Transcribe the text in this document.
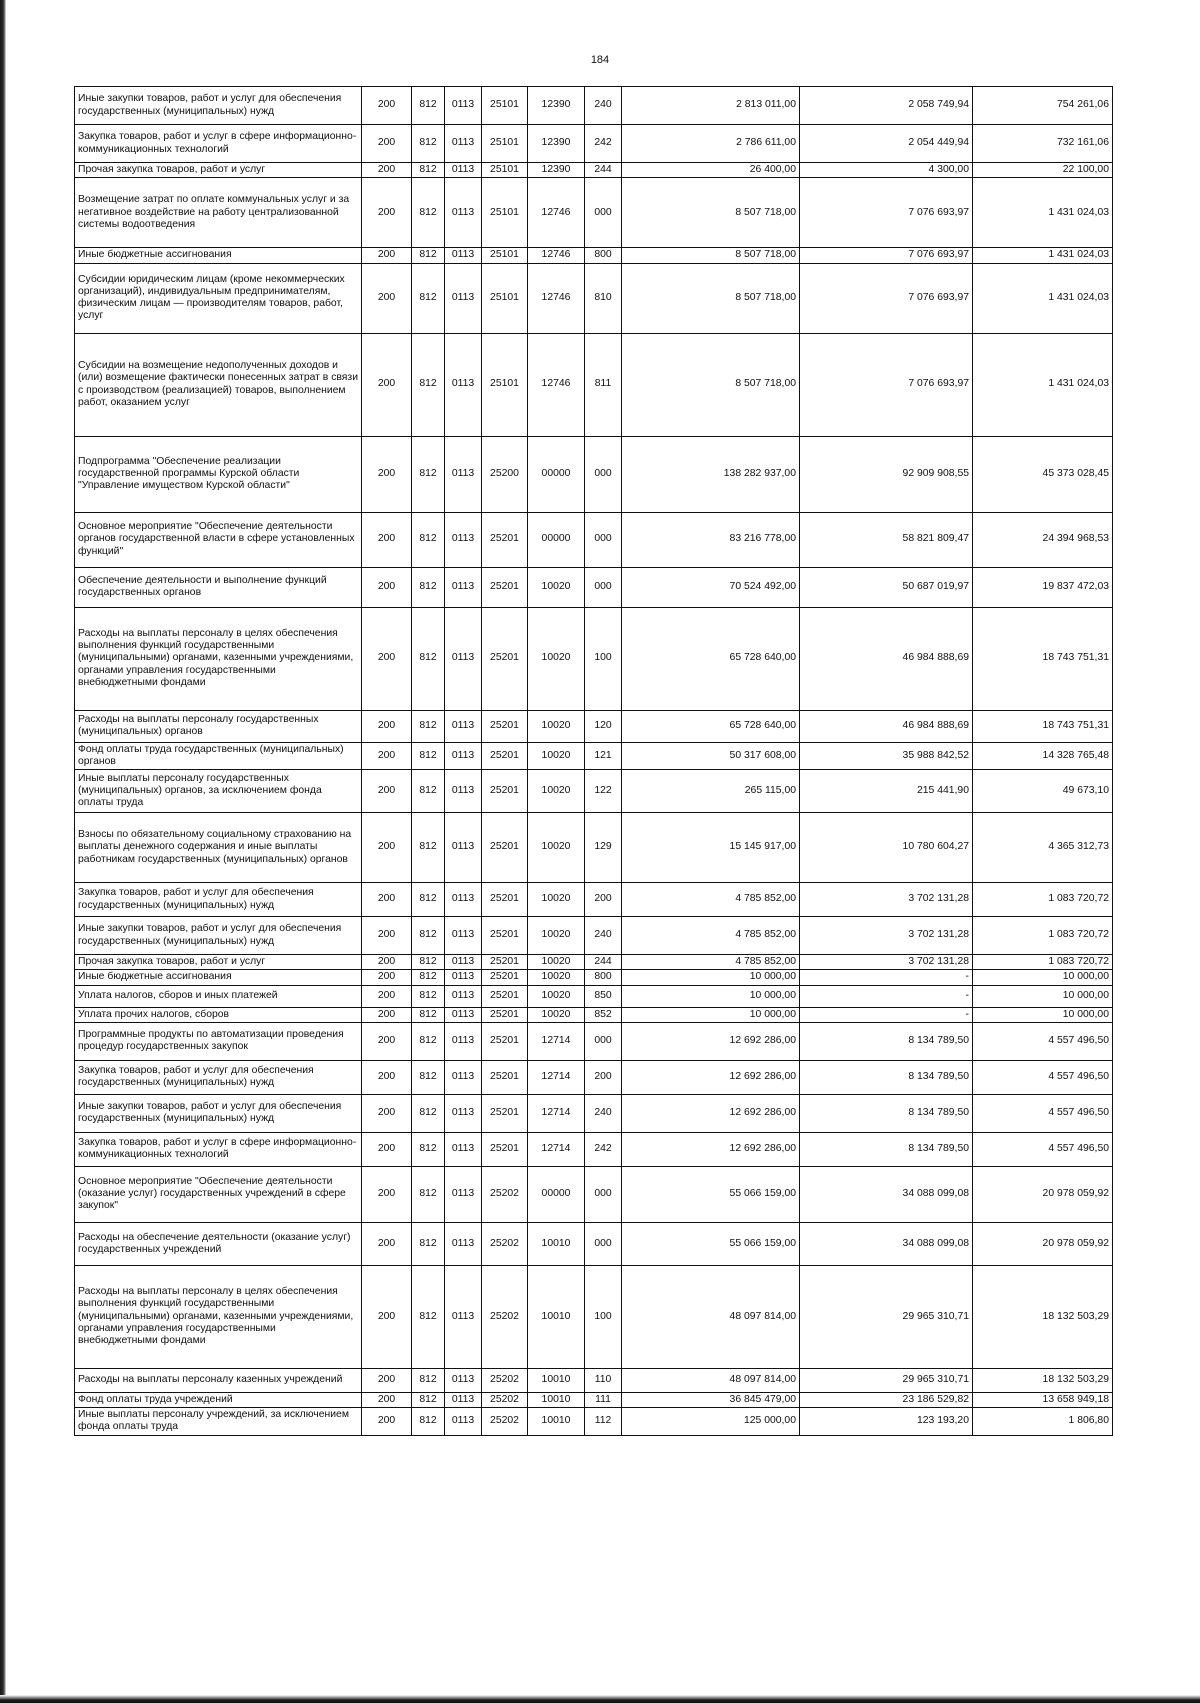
184
Иные закупки товаров, работ и услуг для обеспечения государственных (муниципальных) нужд	200	812	0113	25101	12390	240	2 813 011,00	2 058 749,94	754 261,06
Закупка товаров, работ и услуг в сфере информационно-коммуникационных технологий	200	812	0113	25101	12390	242	2 786 611,00	2 054 449,94	732 161,06
Прочая закупка товаров, работ и услуг	200	812	0113	25101	12390	244	26 400,00	4 300,00	22 100,00
Возмещение затрат по оплате коммунальных услуг и за негативное воздействие на работу централизованной системы водоотведения	200	812	0113	25101	12746	000	8 507 718,00	7 076 693,97	1 431 024,03
Иные бюджетные ассигнования	200	812	0113	25101	12746	800	8 507 718,00	7 076 693,97	1 431 024,03
Субсидии юридическим лицам (кроме некоммерческих организаций), индивидуальным предпринимателям, физическим лицам — производителям товаров, работ, услуг	200	812	0113	25101	12746	810	8 507 718,00	7 076 693,97	1 431 024,03
Субсидии на возмещение недополученных доходов и (или) возмещение фактически понесенных затрат в связи с производством (реализацией) товаров, выполнением работ, оказанием услуг	200	812	0113	25101	12746	811	8 507 718,00	7 076 693,97	1 431 024,03
Подпрограмма "Обеспечение реализации государственной программы Курской области "Управление имуществом Курской области"	200	812	0113	25200	00000	000	138 282 937,00	92 909 908,55	45 373 028,45
Основное мероприятие "Обеспечение деятельности органов государственной власти в сфере установленных функций"	200	812	0113	25201	00000	000	83 216 778,00	58 821 809,47	24 394 968,53
Обеспечение деятельности и выполнение функций государственных органов	200	812	0113	25201	10020	000	70 524 492,00	50 687 019,97	19 837 472,03
Расходы на выплаты персоналу в целях обеспечения выполнения функций государственными (муниципальными) органами, казенными учреждениями, органами управления государственными внебюджетными фондами	200	812	0113	25201	10020	100	65 728 640,00	46 984 888,69	18 743 751,31
Расходы на выплаты персоналу государственных (муниципальных) органов	200	812	0113	25201	10020	120	65 728 640,00	46 984 888,69	18 743 751,31
Фонд оплаты труда государственных (муниципальных) органов	200	812	0113	25201	10020	121	50 317 608,00	35 988 842,52	14 328 765,48
Иные выплаты персоналу государственных (муниципальных) органов, за исключением фонда оплаты труда	200	812	0113	25201	10020	122	265 115,00	215 441,90	49 673,10
Взносы по обязательному социальному страхованию на выплаты денежного содержания и иные выплаты работникам государственных (муниципальных) органов	200	812	0113	25201	10020	129	15 145 917,00	10 780 604,27	4 365 312,73
Закупка товаров, работ и услуг для обеспечения государственных (муниципальных) нужд	200	812	0113	25201	10020	200	4 785 852,00	3 702 131,28	1 083 720,72
Иные закупки товаров, работ и услуг для обеспечения государственных (муниципальных) нужд	200	812	0113	25201	10020	240	4 785 852,00	3 702 131,28	1 083 720,72
Прочая закупка товаров, работ и услуг	200	812	0113	25201	10020	244	4 785 852,00	3 702 131,28	1 083 720,72
Иные бюджетные ассигнования	200	812	0113	25201	10020	800	10 000,00	-	10 000,00
Уплата налогов, сборов и иных платежей	200	812	0113	25201	10020	850	10 000,00	-	10 000,00
Уплата прочих налогов, сборов	200	812	0113	25201	10020	852	10 000,00	-	10 000,00
Программные продукты по автоматизации проведения процедур государственных закупок	200	812	0113	25201	12714	000	12 692 286,00	8 134 789,50	4 557 496,50
Закупка товаров, работ и услуг для обеспечения государственных (муниципальных) нужд	200	812	0113	25201	12714	200	12 692 286,00	8 134 789,50	4 557 496,50
Иные закупки товаров, работ и услуг для обеспечения государственных (муниципальных) нужд	200	812	0113	25201	12714	240	12 692 286,00	8 134 789,50	4 557 496,50
Закупка товаров, работ и услуг в сфере информационно-коммуникационных технологий	200	812	0113	25201	12714	242	12 692 286,00	8 134 789,50	4 557 496,50
Основное мероприятие "Обеспечение деятельности (оказание услуг) государственных учреждений в сфере закупок"	200	812	0113	25202	00000	000	55 066 159,00	34 088 099,08	20 978 059,92
Расходы на обеспечение деятельности (оказание услуг) государственных учреждений	200	812	0113	25202	10010	000	55 066 159,00	34 088 099,08	20 978 059,92
Расходы на выплаты персоналу в целях обеспечения выполнения функций государственными (муниципальными) органами, казенными учреждениями, органами управления государственными внебюджетными фондами	200	812	0113	25202	10010	100	48 097 814,00	29 965 310,71	18 132 503,29
Расходы на выплаты персоналу казенных учреждений	200	812	0113	25202	10010	110	48 097 814,00	29 965 310,71	18 132 503,29
Фонд оплаты труда учреждений	200	812	0113	25202	10010	111	36 845 479,00	23 186 529,82	13 658 949,18
Иные выплаты персоналу учреждений, за исключением фонда оплаты труда	200	812	0113	25202	10010	112	125 000,00	123 193,20	1 806,80
